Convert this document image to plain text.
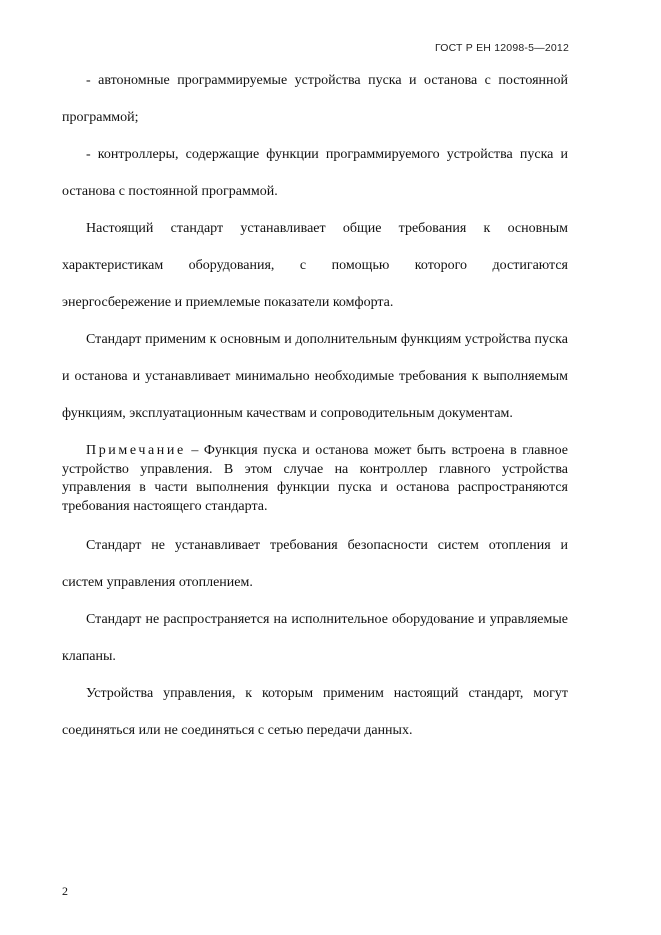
ГОСТ Р ЕН 12098-5—2012

- автономные программируемые устройства пуска и останова с постоянной программой;

- контроллеры, содержащие функции программируемого устройства пуска и останова с постоянной программой.

Настоящий стандарт устанавливает общие требования к основным характеристикам оборудования, с помощью которого достигаются энергосбережение и приемлемые показатели комфорта.

Стандарт применим к основным и дополнительным функциям устройства пуска и останова и устанавливает минимально необходимые требования к выполняемым функциям, эксплуатационным качествам и сопроводительным документам.

Примечание – Функция пуска и останова может быть встроена в главное устройство управления. В этом случае на контроллер главного устройства управления в части выполнения функции пуска и останова распространяются требования настоящего стандарта.

Стандарт не устанавливает требования безопасности систем отопления и систем управления отоплением.

Стандарт не распространяется на исполнительное оборудование и управляемые клапаны.

Устройства управления, к которым применим настоящий стандарт, могут соединяться или не соединяться с сетью передачи данных.

2
